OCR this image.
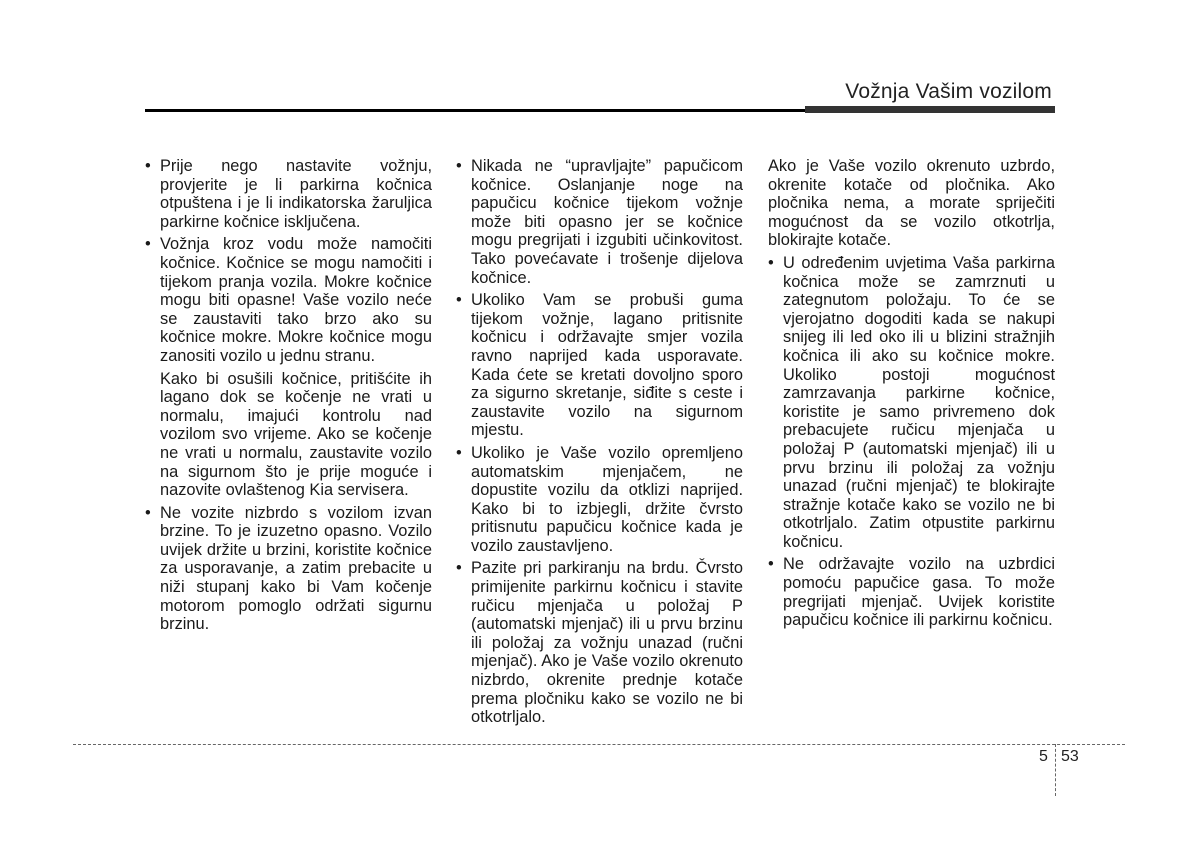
Vožnja Vašim vozilom

• Prije nego nastavite vožnju, provjerite je li parkirna kočnica otpuštena i je li indikatorska žaruljica parkirne kočnice isključena.

• Vožnja kroz vodu može namočiti kočnice. Kočnice se mogu namočiti i tijekom pranja vozila. Mokre kočnice mogu biti opasne! Vaše vozilo neće se zaustaviti tako brzo ako su kočnice mokre. Mokre kočnice mogu zanositi vozilo u jednu stranu.

Kako bi osušili kočnice, pritišćite ih lagano dok se kočenje ne vrati u normalu, imajući kontrolu nad vozilom svo vrijeme. Ako se kočenje ne vrati u normalu, zaustavite vozilo na sigurnom što je prije moguće i nazovite ovlaštenog Kia servisera.

• Ne vozite nizbrdo s vozilom izvan brzine. To je izuzetno opasno. Vozilo uvijek držite u brzini, koristite kočnice za usporavanje, a zatim prebacite u niži stupanj kako bi Vam kočenje motorom pomoglo održati sigurnu brzinu.

• Nikada ne “upravljajte” papučicom kočnice. Oslanjanje noge na papučicu kočnice tijekom vožnje može biti opasno jer se kočnice mogu pregrijati i izgubiti učinkovitost. Tako povećavate i trošenje dijelova kočnice.

• Ukoliko Vam se probuši guma tijekom vožnje, lagano pritisnite kočnicu i održavajte smjer vozila ravno naprijed kada usporavate. Kada ćete se kretati dovoljno sporo za sigurno skretanje, siđite s ceste i zaustavite vozilo na sigurnom mjestu.

• Ukoliko je Vaše vozilo opremljeno automatskim mjenjačem, ne dopustite vozilu da otklizi naprijed. Kako bi to izbjegli, držite čvrsto pritisnutu papučicu kočnice kada je vozilo zaustavljeno.

• Pazite pri parkiranju na brdu. Čvrsto primijenite parkirnu kočnicu i stavite ručicu mjenjača u položaj P (automatski mjenjač) ili u prvu brzinu ili položaj za vožnju unazad (ručni mjenjač). Ako je Vaše vozilo okrenuto nizbrdo, okrenite prednje kotače prema pločniku kako se vozilo ne bi otkotrljalo.

Ako je Vaše vozilo okrenuto uzbrdo, okrenite kotače od pločnika. Ako pločnika nema, a morate spriječiti mogućnost da se vozilo otkotrlja, blokirajte kotače.

• U određenim uvjetima Vaša parkirna kočnica može se zamrznuti u zategnutom položaju. To će se vjerojatno dogoditi kada se nakupi snijeg ili led oko ili u blizini stražnjih kočnica ili ako su kočnice mokre. Ukoliko postoji mogućnost zamrzavanja parkirne kočnice, koristite je samo privremeno dok prebacujete ručicu mjenjača u položaj P (automatski mjenjač) ili u prvu brzinu ili položaj za vožnju unazad (ručni mjenjač) te blokirajte stražnje kotače kako se vozilo ne bi otkotrljalo. Zatim otpustite parkirnu kočnicu.

• Ne održavajte vozilo na uzbrdici pomoću papučice gasa. To može pregrijati mjenjač. Uvijek koristite papučicu kočnice ili parkirnu kočnicu.

5 53
